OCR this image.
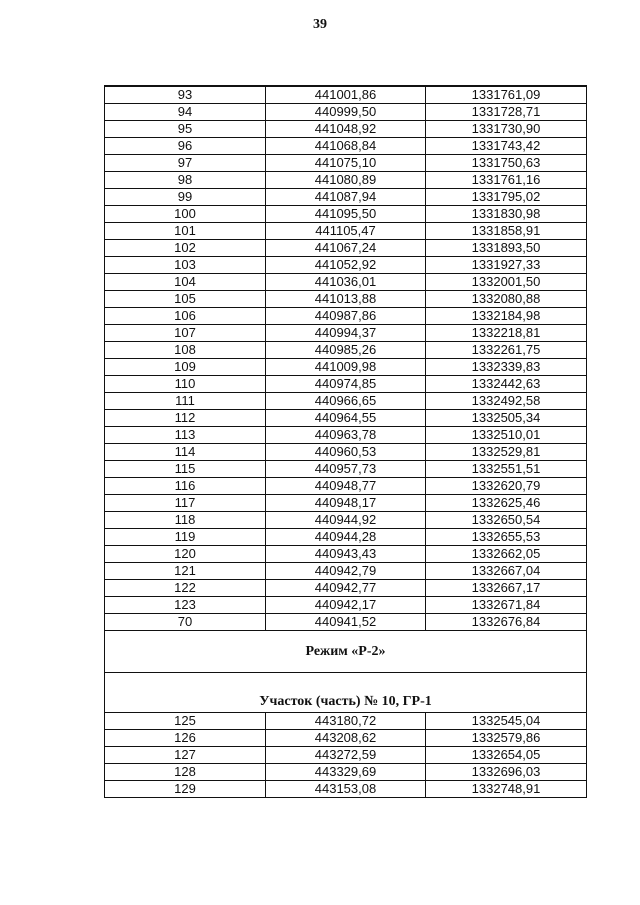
39
93	441001,86	1331761,09
94	440999,50	1331728,71
95	441048,92	1331730,90
96	441068,84	1331743,42
97	441075,10	1331750,63
98	441080,89	1331761,16
99	441087,94	1331795,02
100	441095,50	1331830,98
101	441105,47	1331858,91
102	441067,24	1331893,50
103	441052,92	1331927,33
104	441036,01	1332001,50
105	441013,88	1332080,88
106	440987,86	1332184,98
107	440994,37	1332218,81
108	440985,26	1332261,75
109	441009,98	1332339,83
110	440974,85	1332442,63
111	440966,65	1332492,58
112	440964,55	1332505,34
113	440963,78	1332510,01
114	440960,53	1332529,81
115	440957,73	1332551,51
116	440948,77	1332620,79
117	440948,17	1332625,46
118	440944,92	1332650,54
119	440944,28	1332655,53
120	440943,43	1332662,05
121	440942,79	1332667,04
122	440942,77	1332667,17
123	440942,17	1332671,84
70	440941,52	1332676,84
Режим «Р-2»		
Участок (часть) № 10, ГР-1		
125	443180,72	1332545,04
126	443208,62	1332579,86
127	443272,59	1332654,05
128	443329,69	1332696,03
129	443153,08	1332748,91
